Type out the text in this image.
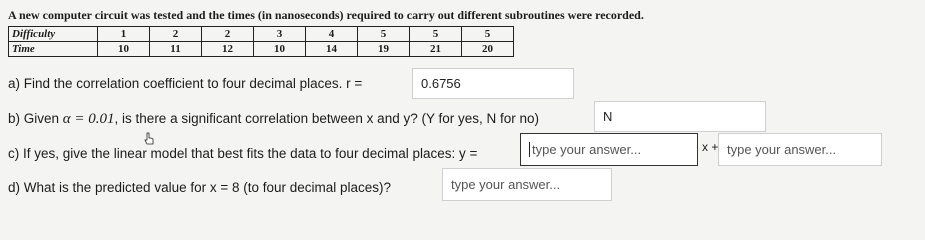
A new computer circuit was tested and the times (in nanoseconds) required to carry out different subroutines were recorded.

Difficulty	1	2	2	3	4	5	5	5
Time	10	11	12	10	14	19	21	20

a) Find the correlation coefficient to four decimal places. r =	0.6756

b) Given α = 0.01, is there a significant correlation between x and y? (Y for yes, N for no)	N

c) If yes, give the linear model that best fits the data to four decimal places: y =	type your answer...	x + type your answer...

d) What is the predicted value for x = 8 (to four decimal places)?	type your answer...
